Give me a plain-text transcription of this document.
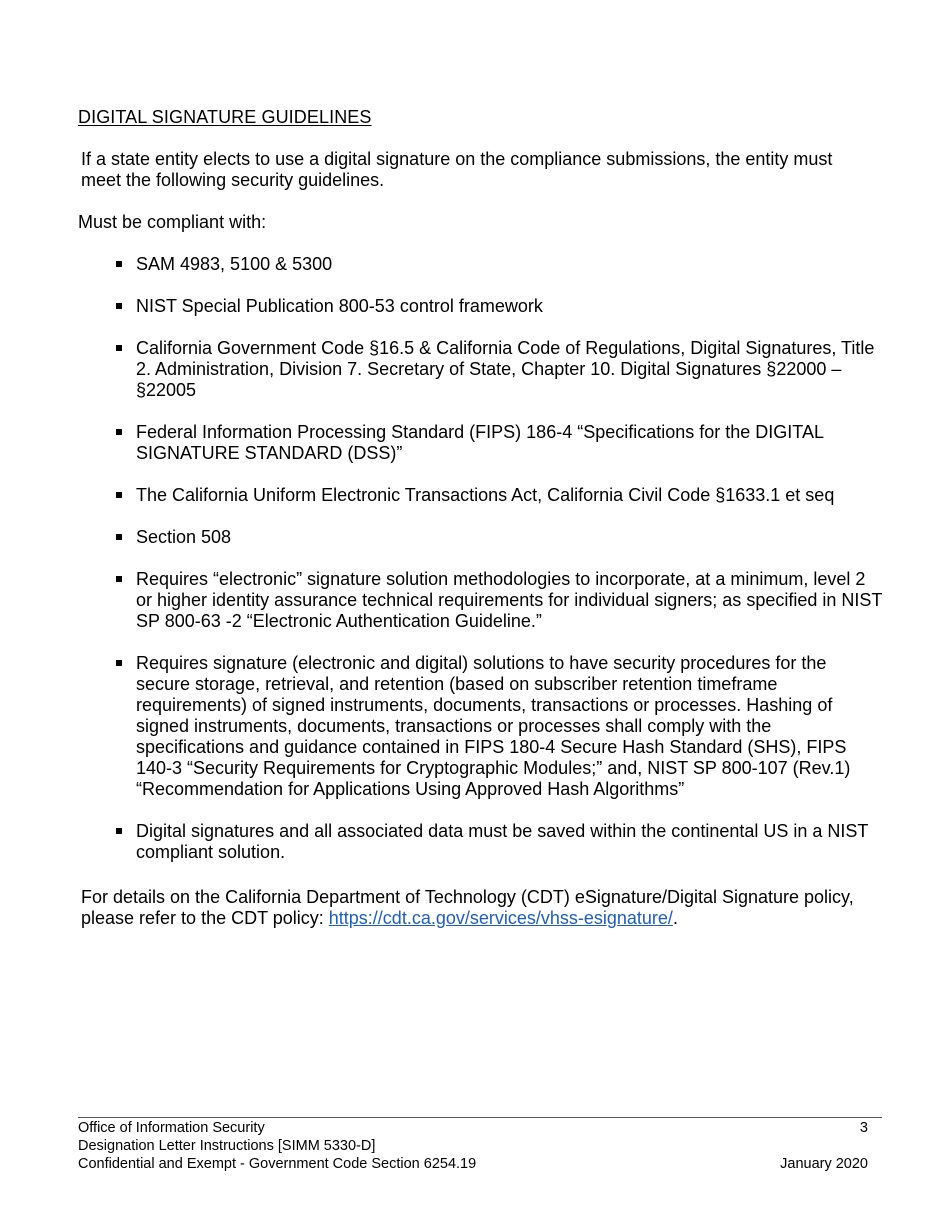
DIGITAL SIGNATURE GUIDELINES
If a state entity elects to use a digital signature on the compliance submissions, the entity must meet the following security guidelines.
Must be compliant with:
SAM 4983, 5100 & 5300
NIST Special Publication 800-53 control framework
California Government Code §16.5 & California Code of Regulations, Digital Signatures, Title 2. Administration, Division 7. Secretary of State, Chapter 10. Digital Signatures §22000 – §22005
Federal Information Processing Standard (FIPS) 186-4 “Specifications for the DIGITAL SIGNATURE STANDARD (DSS)”
The California Uniform Electronic Transactions Act, California Civil Code §1633.1 et seq
Section 508
Requires “electronic” signature solution methodologies to incorporate, at a minimum, level 2 or higher identity assurance technical requirements for individual signers; as specified in NIST SP 800-63 -2 “Electronic Authentication Guideline.”
Requires signature (electronic and digital) solutions to have security procedures for the secure storage, retrieval, and retention (based on subscriber retention timeframe requirements) of signed instruments, documents, transactions or processes. Hashing of signed instruments, documents, transactions or processes shall comply with the specifications and guidance contained in FIPS 180-4 Secure Hash Standard (SHS), FIPS 140-3 “Security Requirements for Cryptographic Modules;” and, NIST SP 800-107 (Rev.1) “Recommendation for Applications Using Approved Hash Algorithms”
Digital signatures and all associated data must be saved within the continental US in a NIST compliant solution.
For details on the California Department of Technology (CDT) eSignature/Digital Signature policy, please refer to the CDT policy: https://cdt.ca.gov/services/vhss-esignature/.
Office of Information Security	3
Designation Letter Instructions [SIMM 5330-D]
Confidential and Exempt - Government Code Section 6254.19	January 2020
